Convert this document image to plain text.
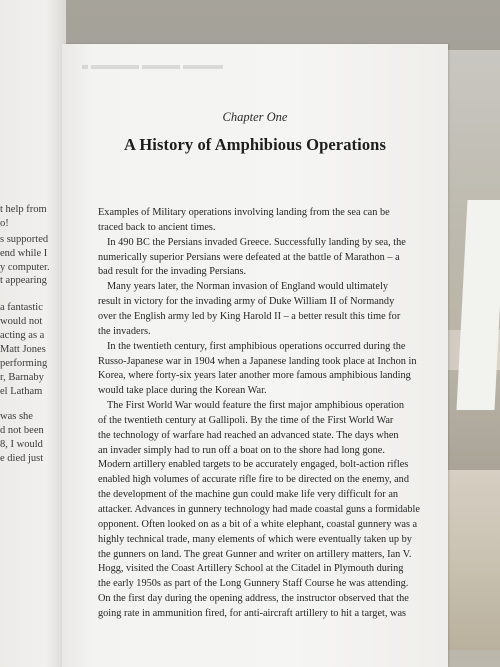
t help from
o!
s supported
end while I
y computer.
t appearing
a fantastic
would not
acting as a
Matt Jones
performing
r, Barnaby
el Latham
was she
d not been
8, I would
e died just
Chapter One
A History of Amphibious Operations
Examples of Military operations involving landing from the sea can be
traced back to ancient times.
In 490 BC the Persians invaded Greece. Successfully landing by sea, the
numerically superior Persians were defeated at the battle of Marathon – a
bad result for the invading Persians.
Many years later, the Norman invasion of England would ultimately
result in victory for the invading army of Duke William II of Normandy
over the English army led by King Harold II – a better result this time for
the invaders.
In the twentieth century, first amphibious operations occurred during the
Russo-Japanese war in 1904 when a Japanese landing took place at Inchon in
Korea, where forty-six years later another more famous amphibious landing
would take place during the Korean War.
The First World War would feature the first major amphibious operation
of the twentieth century at Gallipoli. By the time of the First World War
the technology of warfare had reached an advanced state. The days when
an invader simply had to run off a boat on to the shore had long gone.
Modern artillery enabled targets to be accurately engaged, bolt-action rifles
enabled high volumes of accurate rifle fire to be directed on the enemy, and
the development of the machine gun could make life very difficult for an
attacker. Advances in gunnery technology had made coastal guns a formidable
opponent. Often looked on as a bit of a white elephant, coastal gunnery was a
highly technical trade, many elements of which were eventually taken up by
the gunners on land. The great Gunner and writer on artillery matters, Ian V.
Hogg, visited the Coast Artillery School at the Citadel in Plymouth during
the early 1950s as part of the Long Gunnery Staff Course he was attending.
On the first day during the opening address, the instructor observed that the
going rate in ammunition fired, for anti-aircraft artillery to hit a target, was
